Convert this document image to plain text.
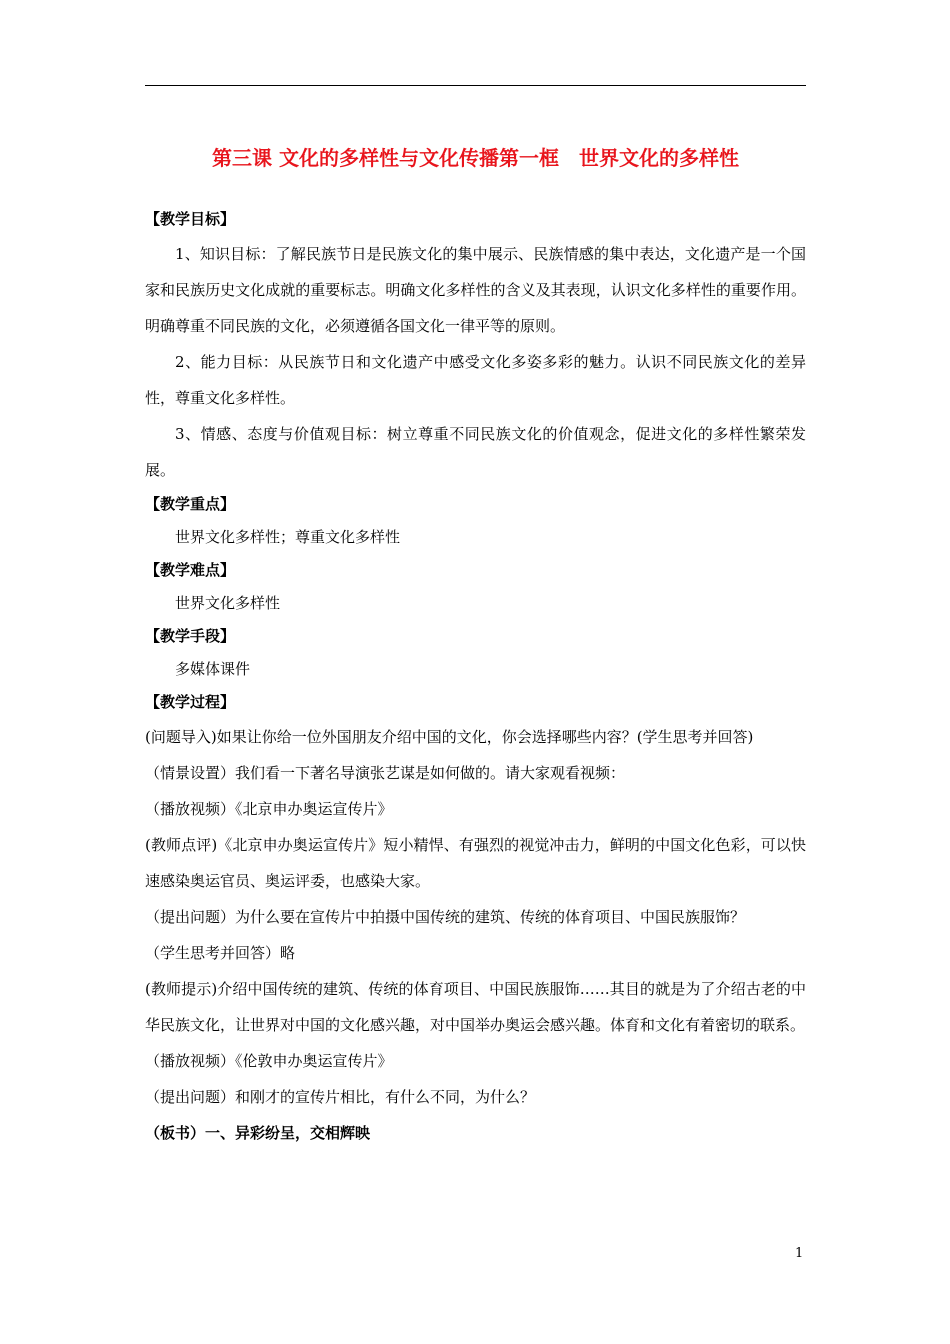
第三课 文化的多样性与文化传播第一框　世界文化的多样性
【教学目标】
1、知识目标：了解民族节日是民族文化的集中展示、民族情感的集中表达，文化遗产是一个国家和民族历史文化成就的重要标志。明确文化多样性的含义及其表现，认识文化多样性的重要作用。明确尊重不同民族的文化，必须遵循各国文化一律平等的原则。
2、能力目标：从民族节日和文化遗产中感受文化多姿多彩的魅力。认识不同民族文化的差异性，尊重文化多样性。
3、情感、态度与价值观目标：树立尊重不同民族文化的价值观念，促进文化的多样性繁荣发展。
【教学重点】
世界文化多样性；尊重文化多样性
【教学难点】
世界文化多样性
【教学手段】
多媒体课件
【教学过程】
(问题导入)如果让你给一位外国朋友介绍中国的文化，你会选择哪些内容？(学生思考并回答)
（情景设置）我们看一下著名导演张艺谋是如何做的。请大家观看视频：
（播放视频）《北京申办奥运宣传片》
(教师点评)《北京申办奥运宣传片》短小精悍、有强烈的视觉冲击力，鲜明的中国文化色彩，可以快速感染奥运官员、奥运评委，也感染大家。
（提出问题）为什么要在宣传片中拍摄中国传统的建筑、传统的体育项目、中国民族服饰？
（学生思考并回答）略
(教师提示)介绍中国传统的建筑、传统的体育项目、中国民族服饰……其目的就是为了介绍古老的中华民族文化，让世界对中国的文化感兴趣，对中国举办奥运会感兴趣。体育和文化有着密切的联系。
（播放视频）《伦敦申办奥运宣传片》
（提出问题）和刚才的宣传片相比，有什么不同，为什么？
（板书）一、异彩纷呈，交相辉映
1
